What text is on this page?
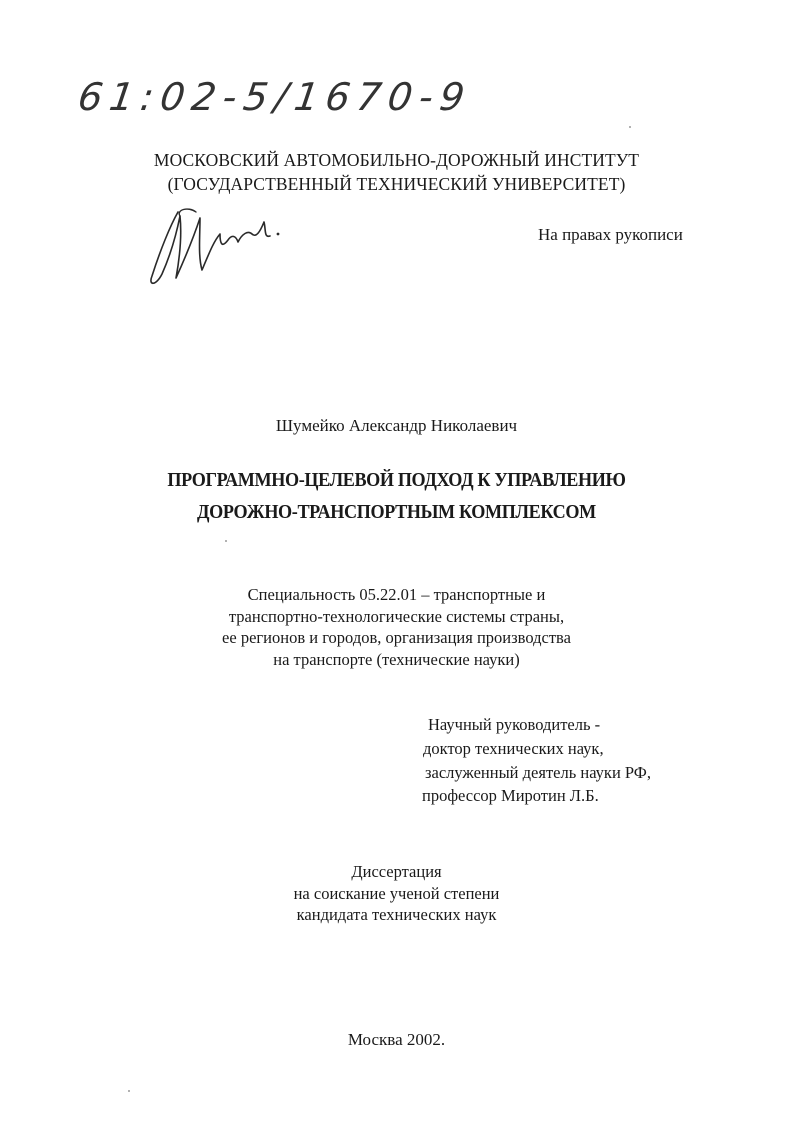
61:02-5/1670-9
МОСКОВСКИЙ АВТОМОБИЛЬНО-ДОРОЖНЫЙ ИНСТИТУТ
(ГОСУДАРСТВЕННЫЙ ТЕХНИЧЕСКИЙ УНИВЕРСИТЕТ)
На правах рукописи
Шумейко Александр Николаевич
ПРОГРАММНО-ЦЕЛЕВОЙ ПОДХОД К УПРАВЛЕНИЮ
ДОРОЖНО-ТРАНСПОРТНЫМ КОМПЛЕКСОМ
Специальность 05.22.01 – транспортные и
транспортно-технологические системы страны,
ее регионов и городов, организация производства
на транспорте (технические науки)
Научный руководитель -
доктор технических наук,
заслуженный деятель науки РФ,
профессор Миротин Л.Б.
Диссертация
на соискание ученой степени
кандидата технических наук
Москва 2002.
